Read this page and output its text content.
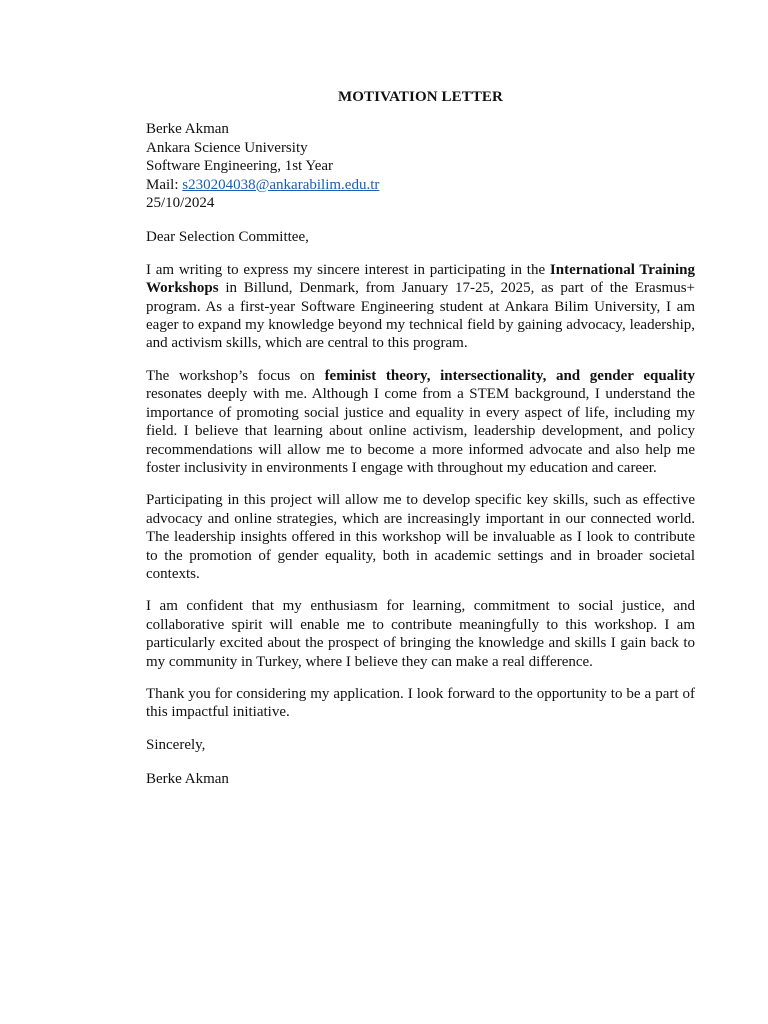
MOTIVATION LETTER
Berke Akman
Ankara Science University
Software Engineering, 1st Year
Mail: s230204038@ankarabilim.edu.tr
25/10/2024
Dear Selection Committee,

I am writing to express my sincere interest in participating in the International Training Workshops in Billund, Denmark, from January 17-25, 2025, as part of the Erasmus+ program. As a first-year Software Engineering student at Ankara Bilim University, I am eager to expand my knowledge beyond my technical field by gaining advocacy, leadership, and activism skills, which are central to this program.

The workshop’s focus on feminist theory, intersectionality, and gender equality resonates deeply with me. Although I come from a STEM background, I understand the importance of promoting social justice and equality in every aspect of life, including my field. I believe that learning about online activism, leadership development, and policy recommendations will allow me to become a more informed advocate and also help me foster inclusivity in environments I engage with throughout my education and career.

Participating in this project will allow me to develop specific key skills, such as effective advocacy and online strategies, which are increasingly important in our connected world. The leadership insights offered in this workshop will be invaluable as I look to contribute to the promotion of gender equality, both in academic settings and in broader societal contexts.

I am confident that my enthusiasm for learning, commitment to social justice, and collaborative spirit will enable me to contribute meaningfully to this workshop. I am particularly excited about the prospect of bringing the knowledge and skills I gain back to my community in Turkey, where I believe they can make a real difference.

Thank you for considering my application. I look forward to the opportunity to be a part of this impactful initiative.

Sincerely,
Berke Akman
